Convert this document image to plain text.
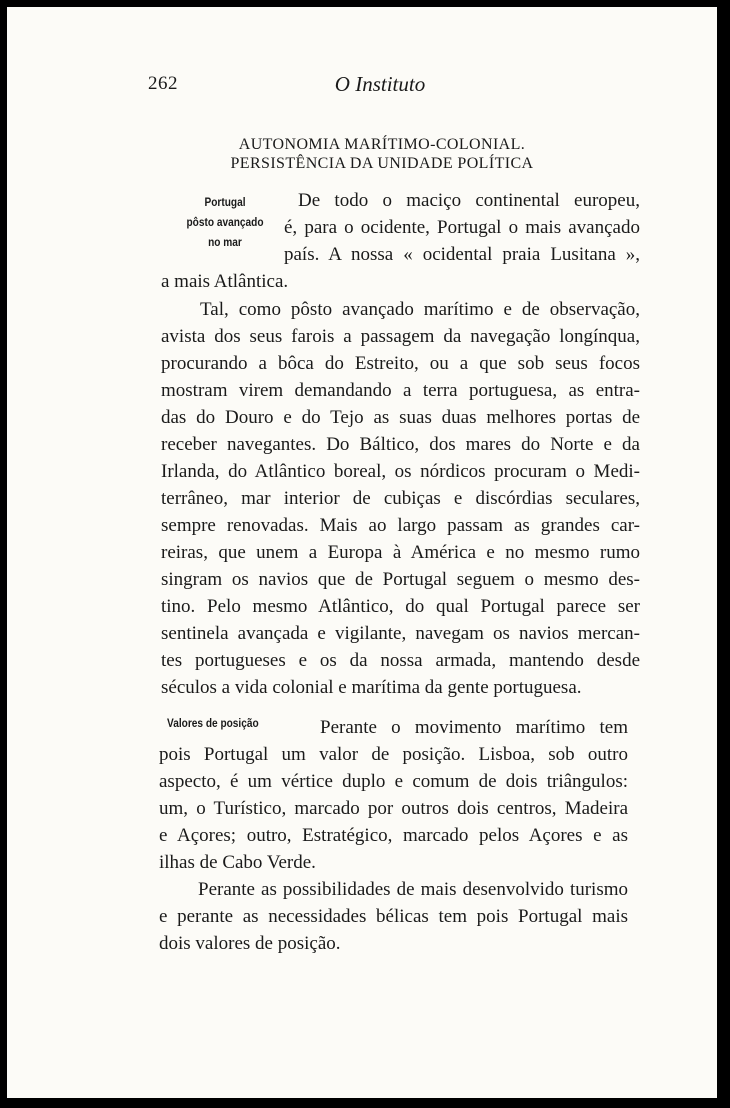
262	O Instituto
AUTONOMIA MARÍTIMO-COLONIAL.
PERSISTÊNCIA DA UNIDADE POLÍTICA
Portugal
pôsto avançado
no mar
Valores de posição
De todo o maciço continental europeu,
é, para o ocidente, Portugal o mais avançado
país. A nossa « ocidental praia Lusitana »,
a mais Atlântica.
Tal, como pôsto avançado marítimo e de observação,
avista dos seus farois a passagem da navegação longínqua,
procurando a bôca do Estreito, ou a que sob seus focos
mostram virem demandando a terra portuguesa, as entra-
das do Douro e do Tejo as suas duas melhores portas de
receber navegantes. Do Báltico, dos mares do Norte e da
Irlanda, do Atlântico boreal, os nórdicos procuram o Medi-
terrâneo, mar interior de cubiças e discórdias seculares,
sempre renovadas. Mais ao largo passam as grandes car-
reiras, que unem a Europa à América e no mesmo rumo
singram os navios que de Portugal seguem o mesmo des-
tino. Pelo mesmo Atlântico, do qual Portugal parece ser
sentinela avançada e vigilante, navegam os navios mercan-
tes portugueses e os da nossa armada, mantendo desde
séculos a vida colonial e marítima da gente portuguesa.
Perante o movimento marítimo tem
pois Portugal um valor de posição. Lisboa, sob outro
aspecto, é um vértice duplo e comum de dois triângulos:
um, o Turístico, marcado por outros dois centros, Madeira
e Açores; outro, Estratégico, marcado pelos Açores e as
ilhas de Cabo Verde.
Perante as possibilidades de mais desenvolvido turismo
e perante as necessidades bélicas tem pois Portugal mais
dois valores de posição.
